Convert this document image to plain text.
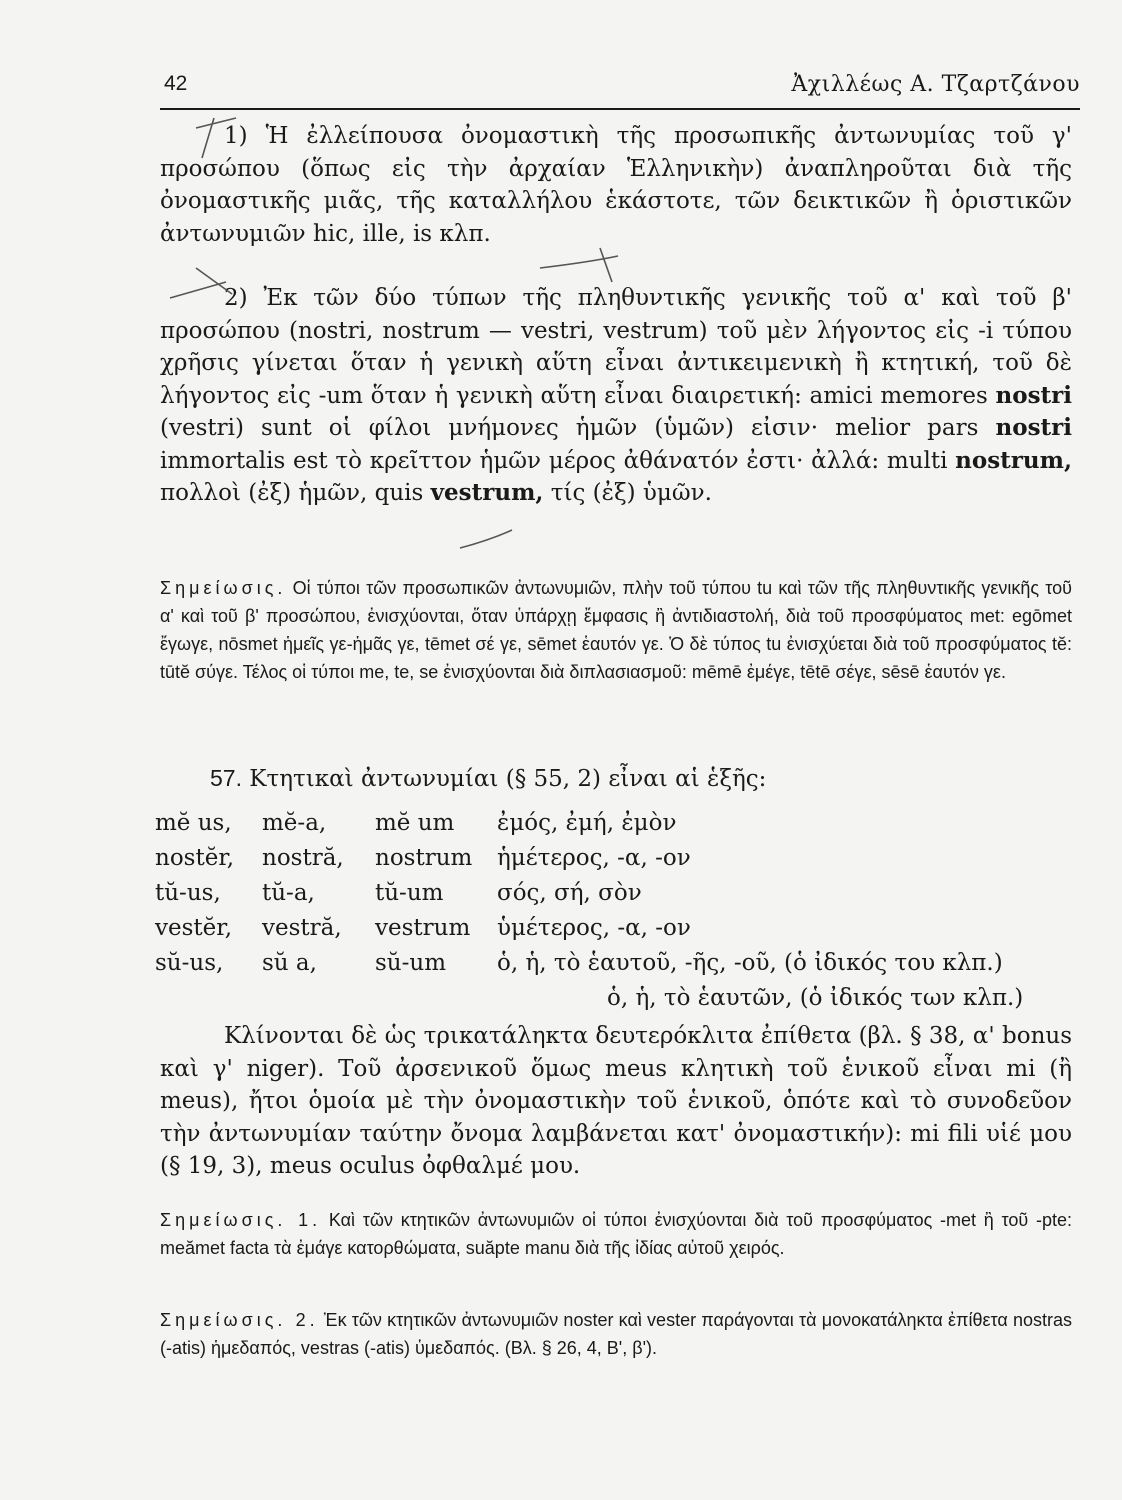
42	Ἀχιλλέως Α. Τζαρτζάνου

1) Ἡ ἐλλείπουσα ὀνομαστικὴ τῆς προσωπικῆς ἀντωνυμίας τοῦ γ' προσώπου (ὅπως εἰς τὴν ἀρχαίαν Ἑλληνικὴν) ἀναπληροῦται διὰ τῆς ὀνομαστικῆς μιᾶς, τῆς καταλλήλου ἑκάστοτε, τῶν δεικτικῶν ἢ ὁριστικῶν ἀντωνυμιῶν hic, ille, is κλπ.

2) Ἐκ τῶν δύο τύπων τῆς πληθυντικῆς γενικῆς τοῦ α' καὶ τοῦ β' προσώπου (nostri, nostrum — vestri, vestrum) τοῦ μὲν λήγοντος εἰς -i τύπου χρῆσις γίνεται ὅταν ἡ γενικὴ αὕτη εἶναι ἀντικειμενικὴ ἢ κτητική, τοῦ δὲ λήγοντος εἰς -um ὅταν ἡ γενικὴ αὕτη εἶναι διαιρετική: amici memores nostri (vestri) sunt οἱ φίλοι μνήμονες ἡμῶν (ὑμῶν) εἰσιν· melior pars nostri immortalis est τὸ κρεῖττον ἡμῶν μέρος ἀθάνατόν ἐστι· ἀλλά: multi nostrum, πολλοὶ (ἐξ) ἡμῶν, quis vestrum, τίς (ἐξ) ὑμῶν.

Σημείωσις. Οἱ τύποι τῶν προσωπικῶν ἀντωνυμιῶν, πλὴν τοῦ τύπου tu καὶ τῶν τῆς πληθυντικῆς γενικῆς τοῦ α' καὶ τοῦ β' προσώπου, ἐνισχύονται, ὅταν ὑπάρχῃ ἔμφασις ἢ ἀντιδιαστολή, διὰ τοῦ προσφύματος met: egōmet ἔγωγε, nōsmet ἡμεῖς γε-ἡμᾶς γε, tēmet σέ γε, sēmet ἑαυτόν γε. Ὁ δὲ τύπος tu ἐνισχύεται διὰ τοῦ προσφύματος tĕ: tūtĕ σύγε. Τέλος οἱ τύποι me, te, se ἐνισχύονται διὰ διπλασιασμοῦ: mēmē ἐμέγε, tētē σέγε, sēsē ἑαυτόν γε.

57. Κτητικαὶ ἀντωνυμίαι (§ 55, 2) εἶναι αἱ ἑξῆς:
mĕ us,	mĕ-a,	mĕ um	ἐμός, ἐμή, ἐμὸν
nostĕr,	nostră,	nostrum	ἡμέτερος, -α, -ον
tŭ-us,	tŭ-a,	tŭ-um	σός, σή, σὸν
vestĕr,	vestră,	vestrum	ὑμέτερος, -α, -ον
sŭ-us,	sŭ a,	sŭ-um	ὁ, ἡ, τὸ ἑαυτοῦ, -ῆς, -οῦ, (ὁ ἰδικός του κλπ.)
ὁ, ἡ, τὸ ἑαυτῶν, (ὁ ἰδικός των κλπ.)

Κλίνονται δὲ ὡς τρικατάληκτα δευτερόκλιτα ἐπίθετα (βλ. § 38, α' bonus καὶ γ' niger). Τοῦ ἀρσενικοῦ ὅμως meus κλητικὴ τοῦ ἑνικοῦ εἶναι mi (ἢ meus), ἤτοι ὁμοία μὲ τὴν ὀνομαστικὴν τοῦ ἑνικοῦ, ὁπότε καὶ τὸ συνοδεῦον τὴν ἀντωνυμίαν ταύτην ὄνομα λαμβάνεται κατ' ὀνομαστικήν): mi fili υἱέ μου (§ 19, 3), meus oculus ὀφθαλμέ μου.

Σημείωσις. 1. Καὶ τῶν κτητικῶν ἀντωνυμιῶν οἱ τύποι ἐνισχύονται διὰ τοῦ προσφύματος -met ἢ τοῦ -pte: meămet facta τὰ ἐμάγε κατορθώματα, suăpte manu διὰ τῆς ἰδίας αὐτοῦ χειρός.

Σημείωσις. 2. Ἐκ τῶν κτητικῶν ἀντωνυμιῶν noster καὶ vester παράγονται τὰ μονοκατάληκτα ἐπίθετα nostras (-atis) ἡμεδαπός, vestras (-atis) ὑμεδαπός. (Βλ. § 26, 4, Β', β').
